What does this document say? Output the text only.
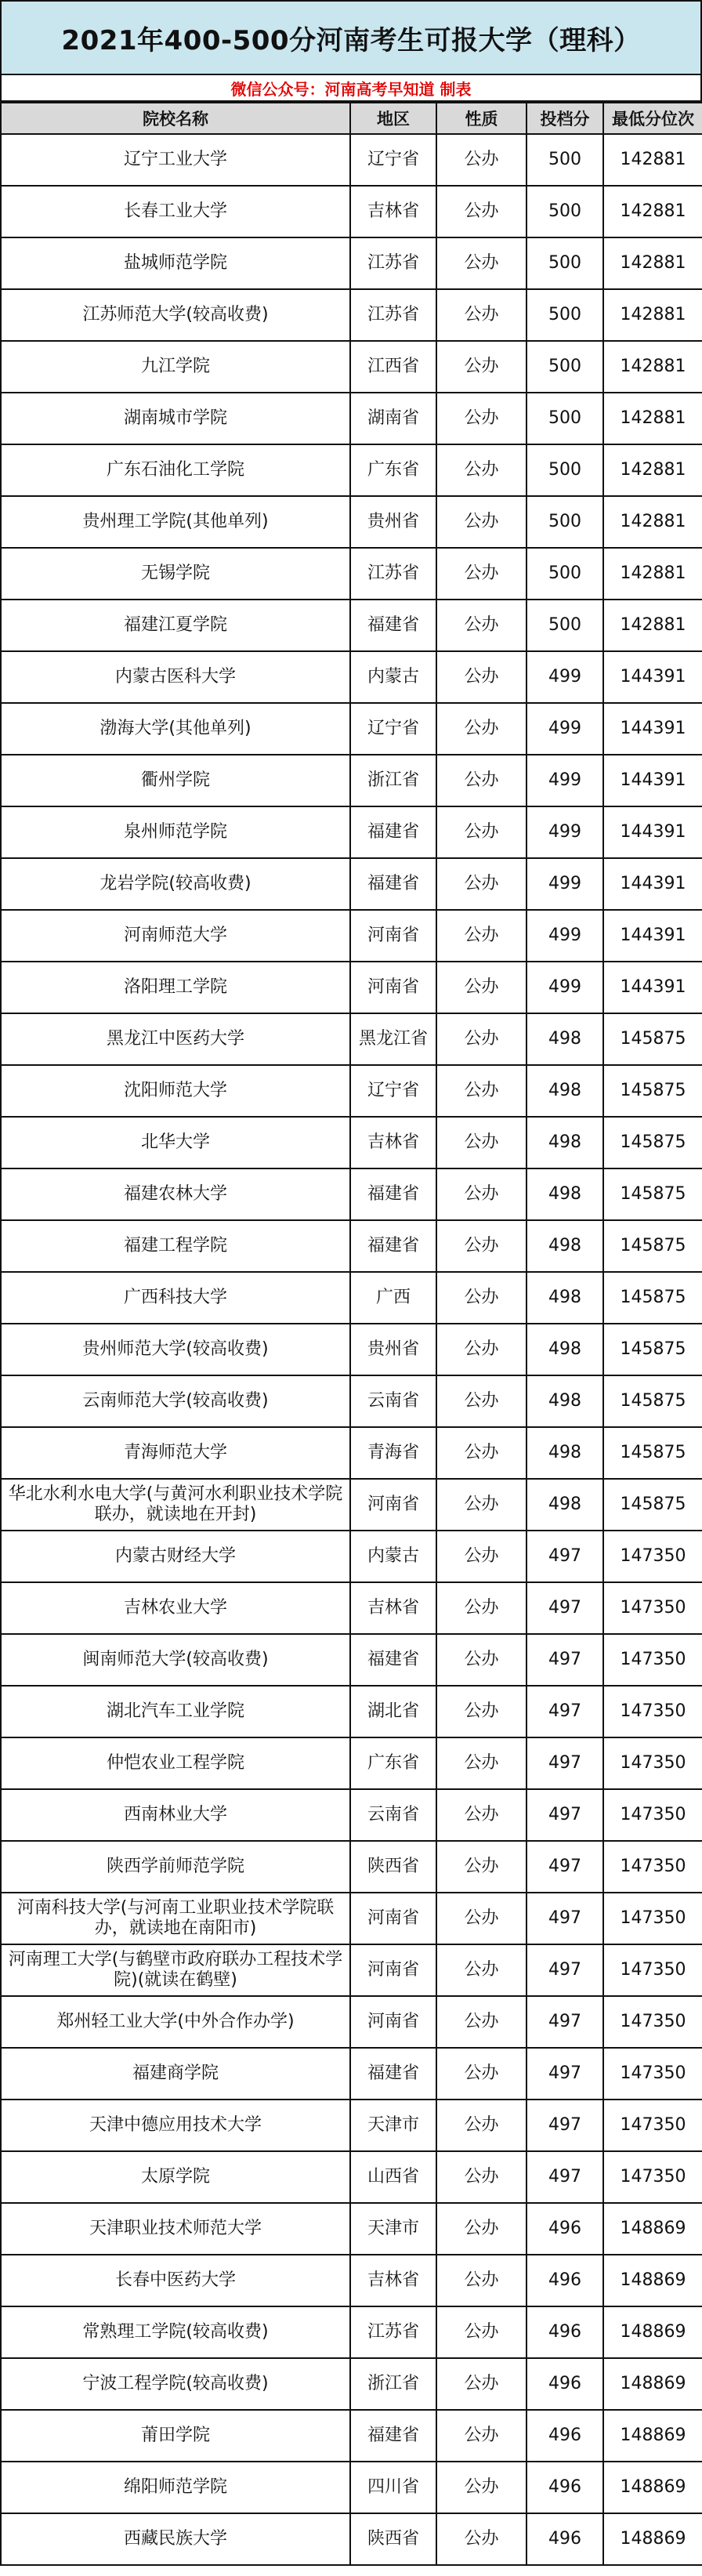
2021年400-500分河南考生可报大学（理科）
微信公众号：河南高考早知道 制表
院校名称	地区	性质	投档分	最低分位次
辽宁工业大学	辽宁省	公办	500	142881
长春工业大学	吉林省	公办	500	142881
盐城师范学院	江苏省	公办	500	142881
江苏师范大学(较高收费)	江苏省	公办	500	142881
九江学院	江西省	公办	500	142881
湖南城市学院	湖南省	公办	500	142881
广东石油化工学院	广东省	公办	500	142881
贵州理工学院(其他单列)	贵州省	公办	500	142881
无锡学院	江苏省	公办	500	142881
福建江夏学院	福建省	公办	500	142881
内蒙古医科大学	内蒙古	公办	499	144391
渤海大学(其他单列)	辽宁省	公办	499	144391
衢州学院	浙江省	公办	499	144391
泉州师范学院	福建省	公办	499	144391
龙岩学院(较高收费)	福建省	公办	499	144391
河南师范大学	河南省	公办	499	144391
洛阳理工学院	河南省	公办	499	144391
黑龙江中医药大学	黑龙江省	公办	498	145875
沈阳师范大学	辽宁省	公办	498	145875
北华大学	吉林省	公办	498	145875
福建农林大学	福建省	公办	498	145875
福建工程学院	福建省	公办	498	145875
广西科技大学	广西	公办	498	145875
贵州师范大学(较高收费)	贵州省	公办	498	145875
云南师范大学(较高收费)	云南省	公办	498	145875
青海师范大学	青海省	公办	498	145875
华北水利水电大学(与黄河水利职业技术学院联办，就读地在开封)	河南省	公办	498	145875
内蒙古财经大学	内蒙古	公办	497	147350
吉林农业大学	吉林省	公办	497	147350
闽南师范大学(较高收费)	福建省	公办	497	147350
湖北汽车工业学院	湖北省	公办	497	147350
仲恺农业工程学院	广东省	公办	497	147350
西南林业大学	云南省	公办	497	147350
陕西学前师范学院	陕西省	公办	497	147350
河南科技大学(与河南工业职业技术学院联办，就读地在南阳市)	河南省	公办	497	147350
河南理工大学(与鹤壁市政府联办工程技术学院)(就读在鹤壁)	河南省	公办	497	147350
郑州轻工业大学(中外合作办学)	河南省	公办	497	147350
福建商学院	福建省	公办	497	147350
天津中德应用技术大学	天津市	公办	497	147350
太原学院	山西省	公办	497	147350
天津职业技术师范大学	天津市	公办	496	148869
长春中医药大学	吉林省	公办	496	148869
常熟理工学院(较高收费)	江苏省	公办	496	148869
宁波工程学院(较高收费)	浙江省	公办	496	148869
莆田学院	福建省	公办	496	148869
绵阳师范学院	四川省	公办	496	148869
西藏民族大学	陕西省	公办	496	148869
